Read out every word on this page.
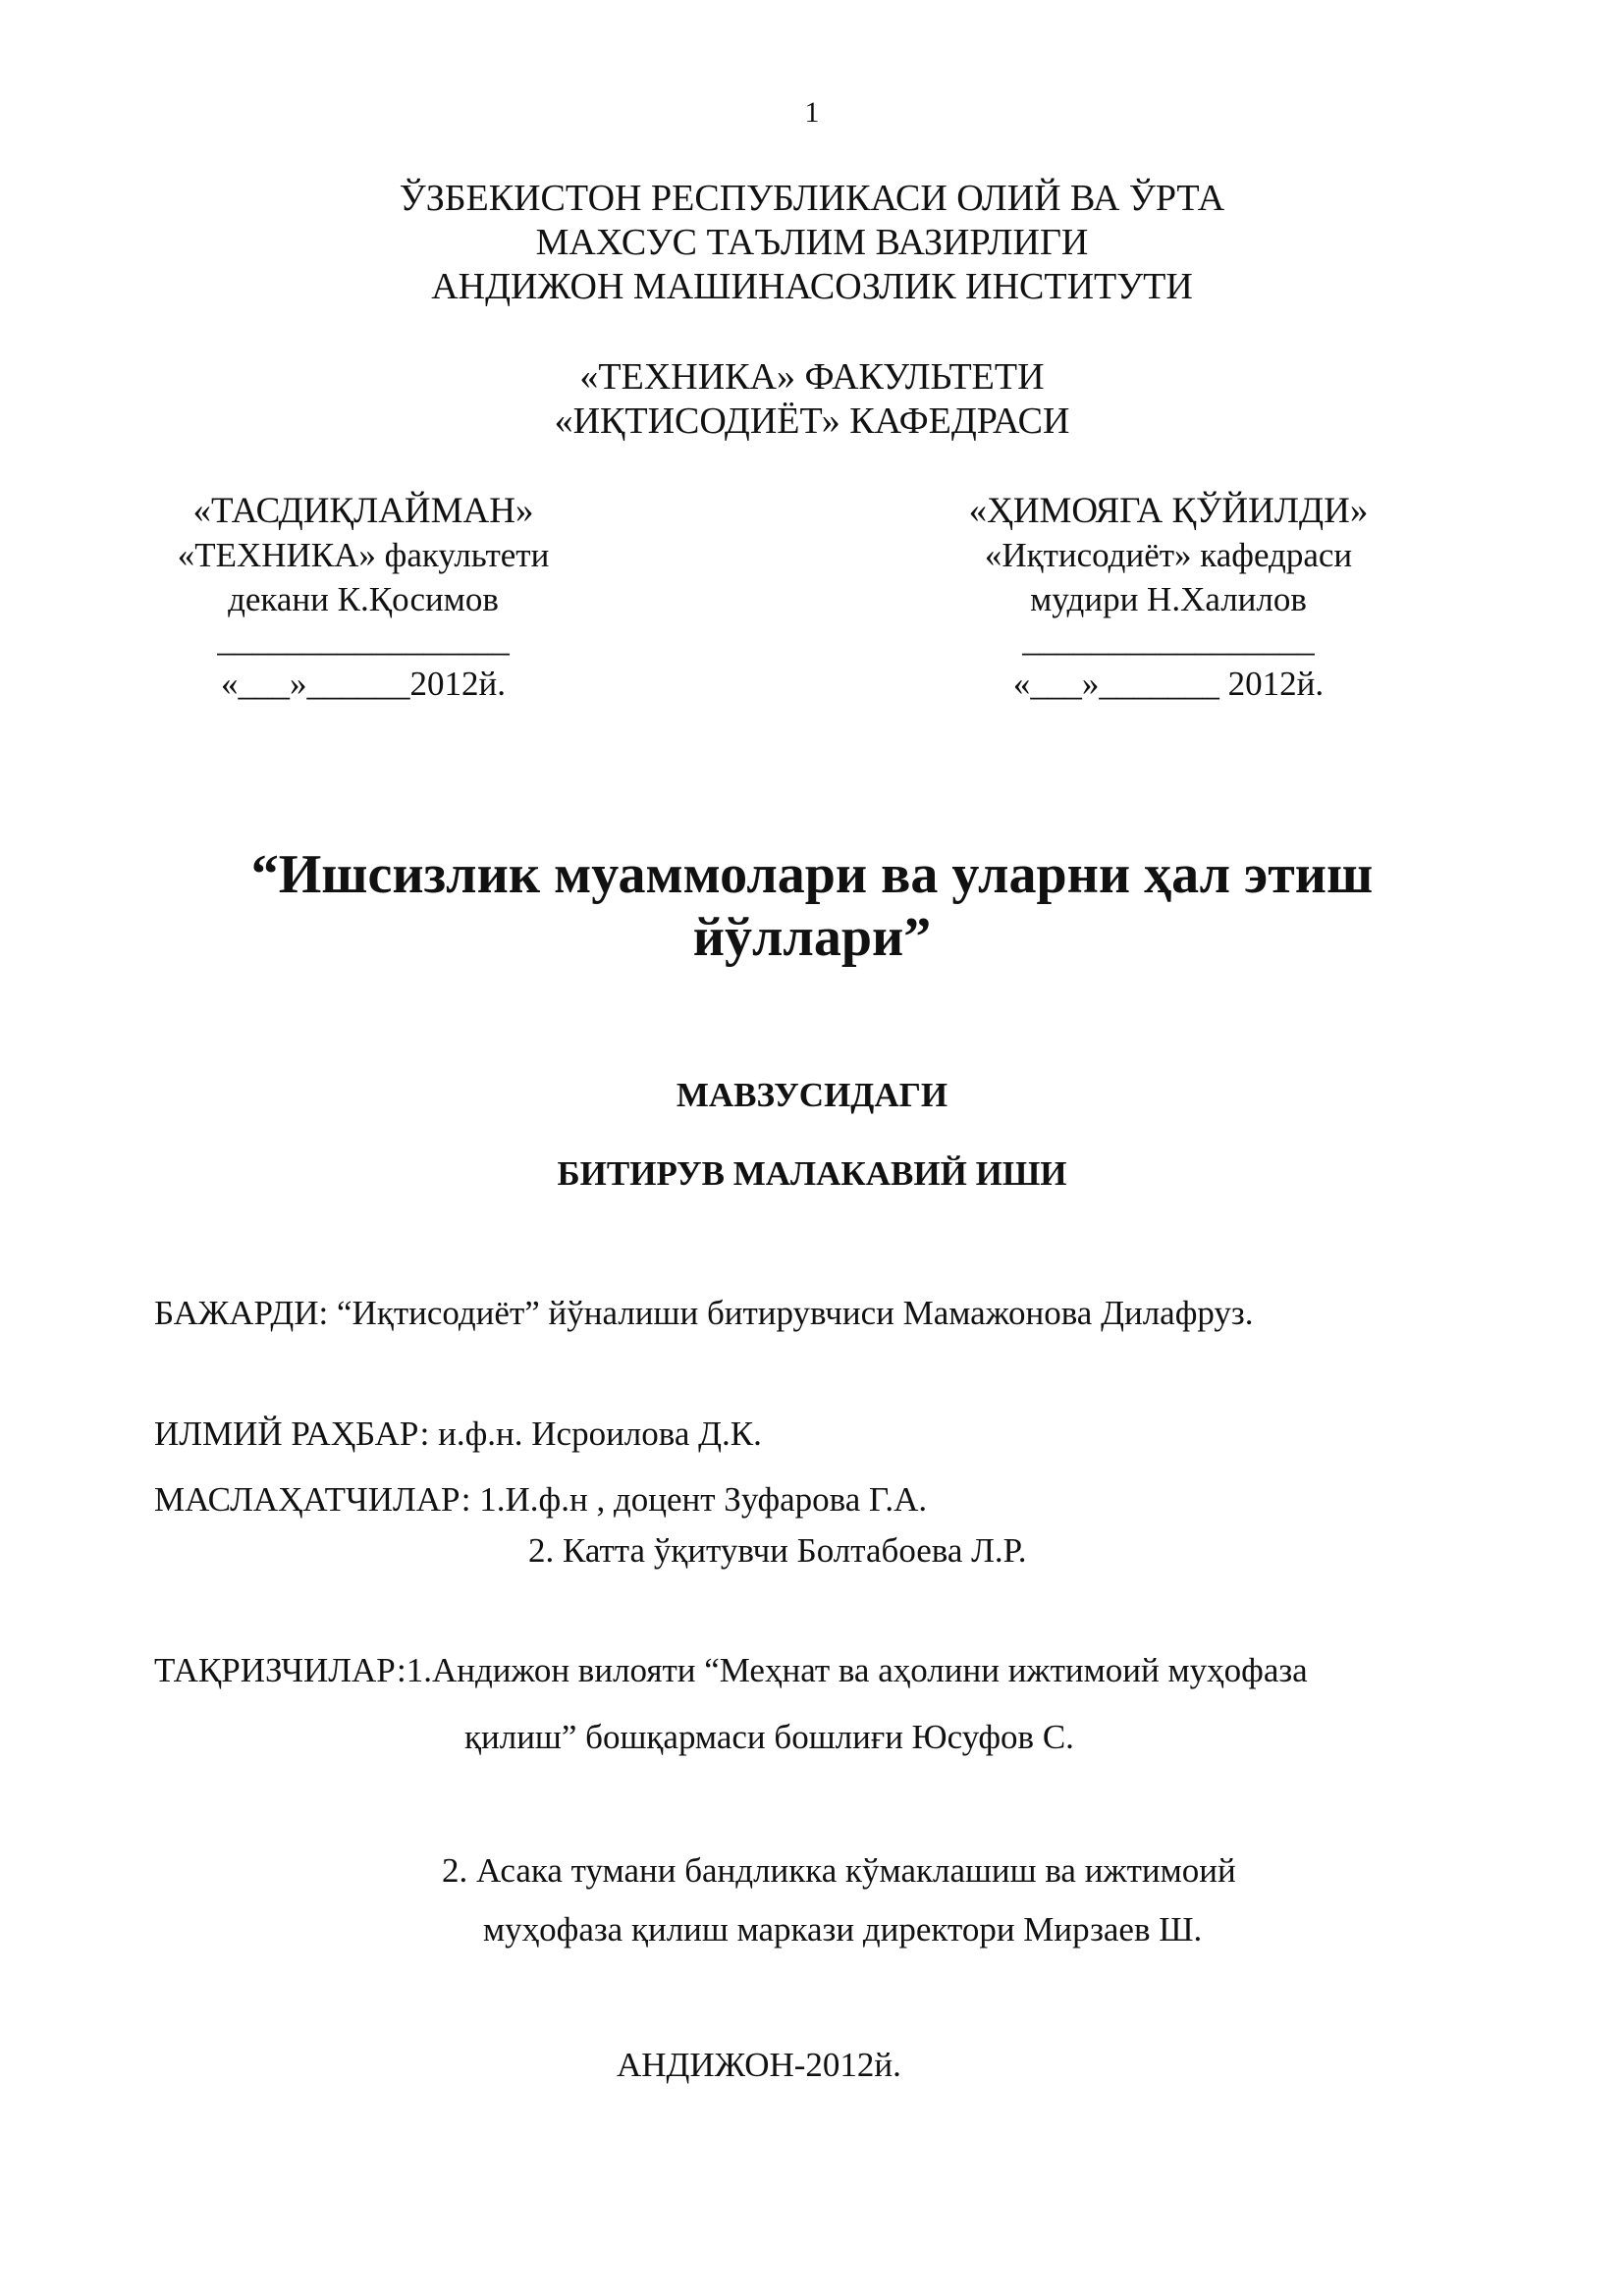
1
ЎЗБЕКИСТОН РЕСПУБЛИКАСИ ОЛИЙ ВА ЎРТА
МАХСУС ТАЪЛИМ ВАЗИРЛИГИ
АНДИЖОН МАШИНАСОЗЛИК ИНСТИТУТИ
«ТЕХНИКА» ФАКУЛЬТЕТИ
«ИҚТИСОДИЁТ» КАФЕДРАСИ
«ТАСДИҚЛАЙМАН»
«ТЕХНИКА» факультети
декани К.Қосимов
_________________
«___»______2012й.
«ҲИМОЯГА ҚЎЙИЛДИ»
«Иқтисодиёт» кафедраси
мудири Н.Халилов
_________________
«___»_______ 2012й.
“Ишсизлик муаммолари ва уларни ҳал этиш
йўллари”
МАВЗУСИДАГИ
БИТИРУВ МАЛАКАВИЙ ИШИ
БАЖАРДИ: “Иқтисодиёт” йўналиши битирувчиси Мамажонова Дилафруз.
ИЛМИЙ РАҲБАР: и.ф.н. Исроилова Д.К.
МАСЛАҲАТЧИЛАР: 1.И.ф.н , доцент Зуфарова Г.А.
2. Катта ўқитувчи Болтабоева Л.Р.
ТАҚРИЗЧИЛАР:1.Андижон вилояти “Меҳнат ва аҳолини ижтимоий муҳофаза
қилиш” бошқармаси бошлиғи Юсуфов С.
2. Асака тумани бандликка кўмаклашиш ва ижтимоий
муҳофаза қилиш маркази директори Мирзаев Ш.
АНДИЖОН-2012й.
